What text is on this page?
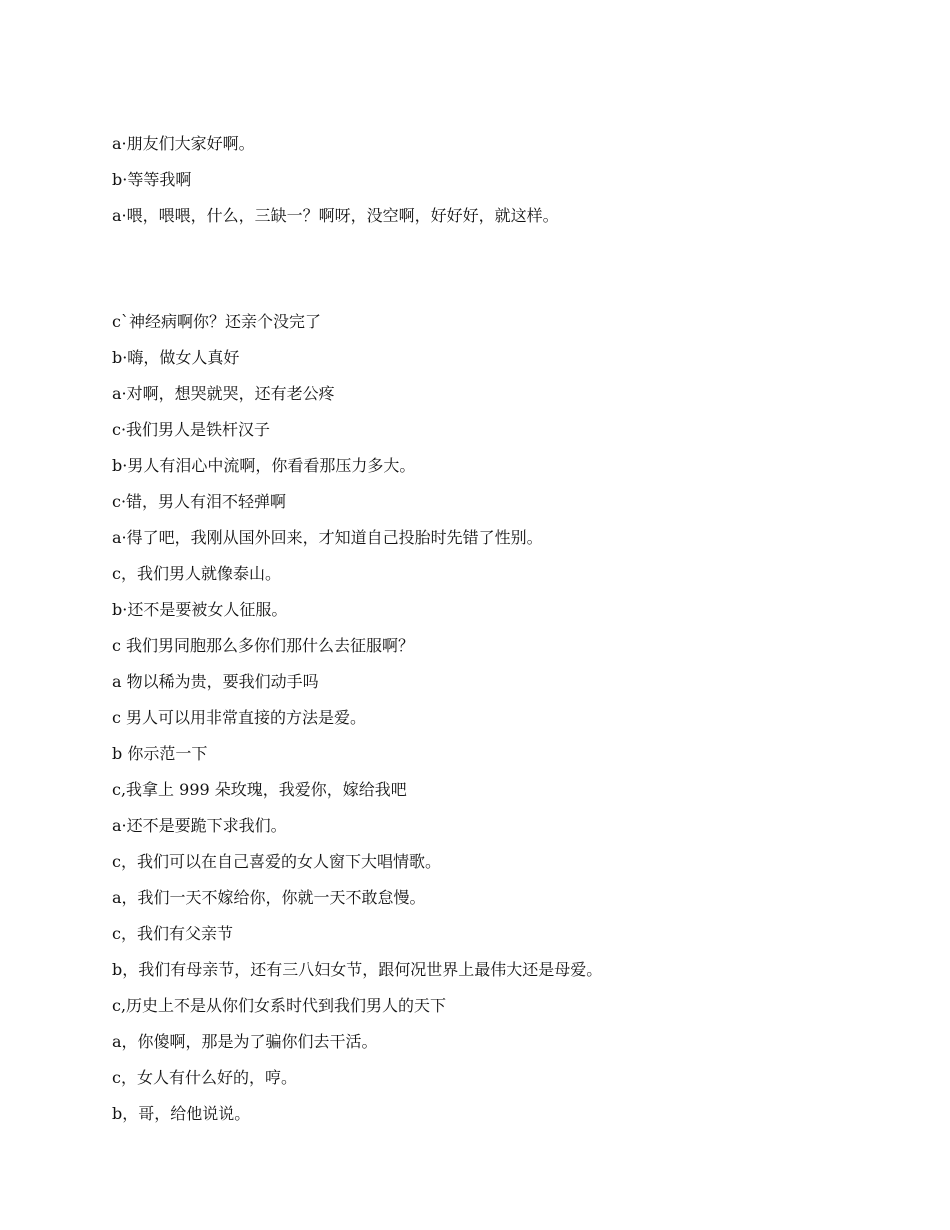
a·朋友们大家好啊。
b·等等我啊
a·喂，喂喂，什么，三缺一？啊呀，没空啊，好好好，就这样。
c`神经病啊你？还亲个没完了
b·嗨，做女人真好
a·对啊，想哭就哭，还有老公疼
c·我们男人是铁杆汉子
b·男人有泪心中流啊，你看看那压力多大。
c·错，男人有泪不轻弹啊
a·得了吧，我刚从国外回来，才知道自己投胎时先错了性别。
c，我们男人就像泰山。
b·还不是要被女人征服。
c 我们男同胞那么多你们那什么去征服啊？
a 物以稀为贵，要我们动手吗
c 男人可以用非常直接的方法是爱。
b 你示范一下
c,我拿上 999 朵玫瑰，我爱你，嫁给我吧
a·还不是要跪下求我们。
c，我们可以在自己喜爱的女人窗下大唱情歌。
a，我们一天不嫁给你，你就一天不敢怠慢。
c，我们有父亲节
b，我们有母亲节，还有三八妇女节，跟何况世界上最伟大还是母爱。
c,历史上不是从你们女系时代到我们男人的天下
a，你傻啊，那是为了骗你们去干活。
c，女人有什么好的，哼。
b，哥，给他说说。
